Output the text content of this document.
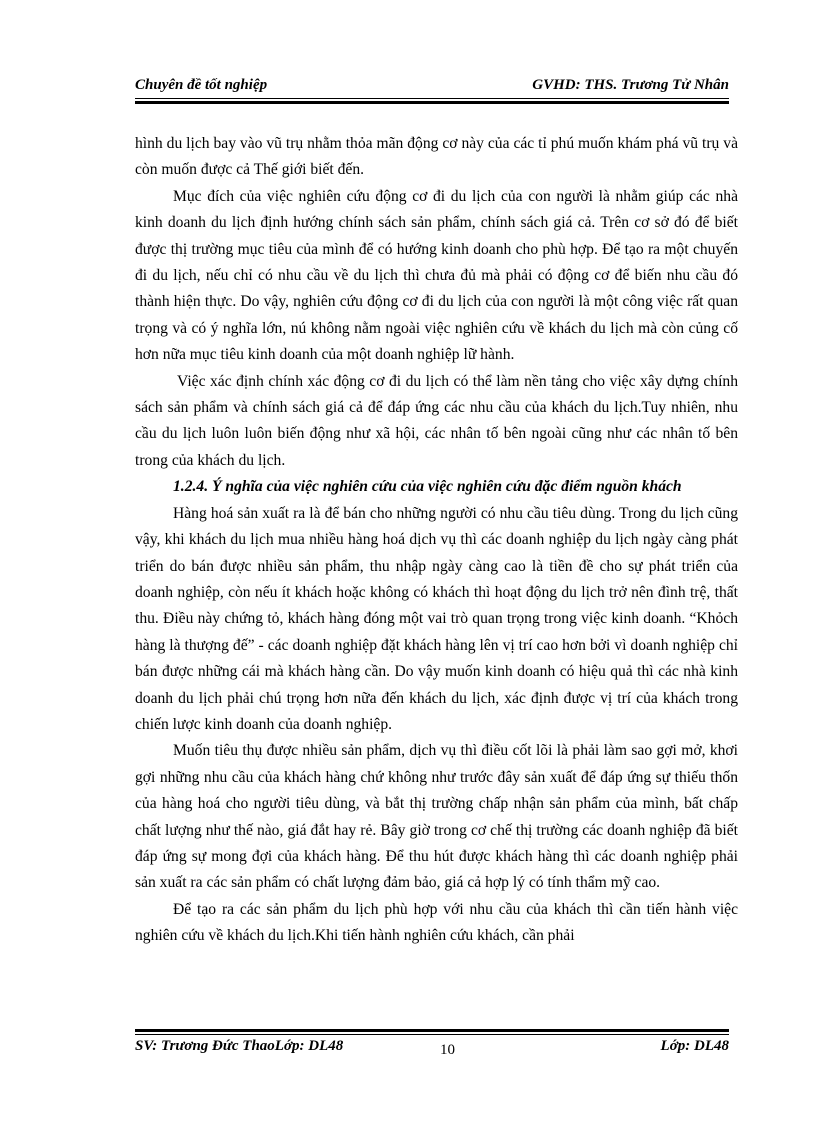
Chuyên đề tốt nghiệp	GVHD: THS. Trương Tử Nhân

hình du lịch bay vào vũ trụ nhằm thỏa mãn động cơ này của các tỉ phú muốn khám phá vũ trụ và còn muốn được cả Thế giới biết đến.

Mục đích của việc nghiên cứu động cơ đi du lịch của con người là nhằm giúp các nhà kinh doanh du lịch định hướng chính sách sản phẩm, chính sách giá cả. Trên cơ sở đó để biết được thị trường mục tiêu của mình để có hướng kinh doanh cho phù hợp. Để tạo ra một chuyến đi du lịch, nếu chỉ có nhu cầu về du lịch thì chưa đủ mà phải có động cơ để biến nhu cầu đó thành hiện thực. Do vậy, nghiên cứu động cơ đi du lịch của con người là một công việc rất quan trọng và có ý nghĩa lớn, nú không nằm ngoài việc nghiên cứu về khách du lịch mà còn củng cố hơn nữa mục tiêu kinh doanh của một doanh nghiệp lữ hành.

Việc xác định chính xác động cơ đi du lịch có thể làm nền tảng cho việc xây dựng chính sách sản phẩm và chính sách giá cả để đáp ứng các nhu cầu của khách du lịch.Tuy nhiên, nhu cầu du lịch luôn luôn biến động như xã hội, các nhân tố bên ngoài cũng như các nhân tố bên trong của khách du lịch.

1.2.4. Ý nghĩa của việc nghiên cứu của việc nghiên cứu đặc điểm nguồn khách

Hàng hoá sản xuất ra là để bán cho những người có nhu cầu tiêu dùng. Trong du lịch cũng vậy, khi khách du lịch mua nhiều hàng hoá dịch vụ thì các doanh nghiệp du lịch ngày càng phát triển do bán được nhiều sản phẩm, thu nhập ngày càng cao là tiền đề cho sự phát triển của doanh nghiệp, còn nếu ít khách hoặc không có khách thì hoạt động du lịch trở nên đình trệ, thất thu. Điều này chứng tỏ, khách hàng đóng một vai trò quan trọng trong việc kinh doanh. “Khỏch hàng là thượng đế” - các doanh nghiệp đặt khách hàng lên vị trí cao hơn bởi vì doanh nghiệp chỉ bán được những cái mà khách hàng cần. Do vậy muốn kinh doanh có hiệu quả thì các nhà kinh doanh du lịch phải chú trọng hơn nữa đến khách du lịch, xác định được vị trí của khách trong chiến lược kinh doanh của doanh nghiệp.

Muốn tiêu thụ được nhiều sản phẩm, dịch vụ thì điều cốt lõi là phải làm sao gợi mở, khơi gợi những nhu cầu của khách hàng chứ không như trước đây sản xuất để đáp ứng sự thiếu thốn của hàng hoá cho người tiêu dùng, và bắt thị trường chấp nhận sản phẩm của mình, bất chấp chất lượng như thế nào, giá đắt hay rẻ. Bây giờ trong cơ chế thị trường các doanh nghiệp đã biết đáp ứng sự mong đợi của khách hàng. Để thu hút được khách hàng thì các doanh nghiệp phải sản xuất ra các sản phẩm có chất lượng đảm bảo, giá cả hợp lý có tính thẩm mỹ cao.

Để tạo ra các sản phẩm du lịch phù hợp với nhu cầu của khách thì cần tiến hành việc nghiên cứu về khách du lịch.Khi tiến hành nghiên cứu khách, cần phải

SV: Trương Đức ThaoLớp: DL48	10	Lớp: DL48
